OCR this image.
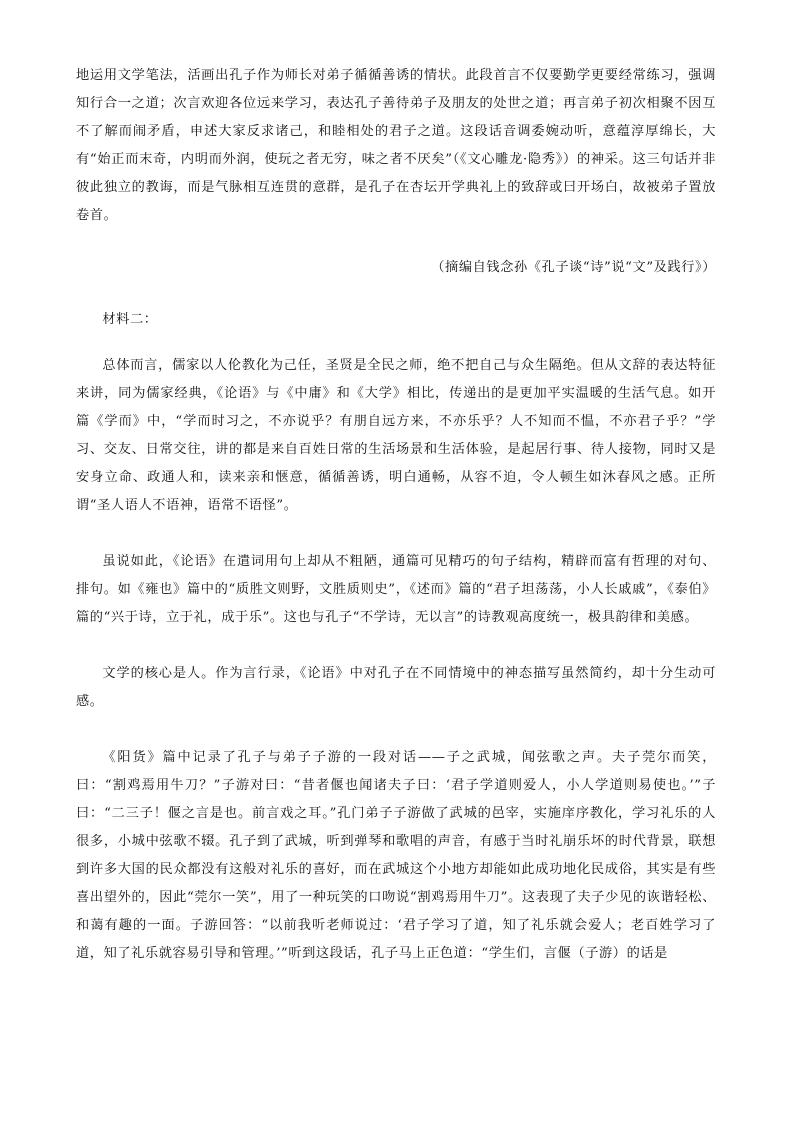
地运用文学笔法，活画出孔子作为师长对弟子循循善诱的情状。此段首言不仅要勤学更要经常练习，强调知行合一之道；次言欢迎各位远来学习，表达孔子善待弟子及朋友的处世之道；再言弟子初次相聚不因互不了解而闹矛盾，申述大家反求诸己，和睦相处的君子之道。这段话音调委婉动听，意蕴淳厚绵长，大有“始正而末奇，内明而外润，使玩之者无穷，味之者不厌矣”（《文心雕龙·隐秀》）的神采。这三句话并非彼此独立的教诲，而是气脉相互连贯的意群，是孔子在杏坛开学典礼上的致辞或曰开场白，故被弟子置放卷首。

（摘编自钱念孙《孔子谈“诗”说“文”及践行》）

材料二：

总体而言，儒家以人伦教化为己任，圣贤是全民之师，绝不把自己与众生隔绝。但从文辞的表达特征来讲，同为儒家经典，《论语》与《中庸》和《大学》相比，传递出的是更加平实温暖的生活气息。如开篇《学而》中，“学而时习之，不亦说乎？有朋自远方来，不亦乐乎？人不知而不愠，不亦君子乎？”学习、交友、日常交往，讲的都是来自百姓日常的生活场景和生活体验，是起居行事、待人接物，同时又是安身立命、政通人和，读来亲和惬意，循循善诱，明白通畅，从容不迫，令人顿生如沐春风之感。正所谓“圣人语人不语神，语常不语怪”。

虽说如此，《论语》在遣词用句上却从不粗陋，通篇可见精巧的句子结构，精辟而富有哲理的对句、排句。如《雍也》篇中的“质胜文则野，文胜质则史”，《述而》篇的“君子坦荡荡，小人长戚戚”，《泰伯》篇的“兴于诗，立于礼，成于乐”。这也与孔子“不学诗，无以言”的诗教观高度统一，极具韵律和美感。

文学的核心是人。作为言行录，《论语》中对孔子在不同情境中的神态描写虽然简约，却十分生动可感。

《阳货》篇中记录了孔子与弟子子游的一段对话——子之武城，闻弦歌之声。夫子莞尔而笑，曰：“割鸡焉用牛刀？”子游对曰：“昔者偃也闻诸夫子曰：‘君子学道则爱人，小人学道则易使也。’”子曰：“二三子！偃之言是也。前言戏之耳。”孔门弟子子游做了武城的邑宰，实施庠序教化，学习礼乐的人很多，小城中弦歌不辍。孔子到了武城，听到弹琴和歌唱的声音，有感于当时礼崩乐坏的时代背景，联想到许多大国的民众都没有这般对礼乐的喜好，而在武城这个小地方却能如此成功地化民成俗，其实是有些喜出望外的，因此“莞尔一笑”，用了一种玩笑的口吻说“割鸡焉用牛刀”。这表现了夫子少见的诙谐轻松、和蔼有趣的一面。子游回答：“以前我听老师说过：‘君子学习了道，知了礼乐就会爱人；老百姓学习了道，知了礼乐就容易引导和管理。’”听到这段话，孔子马上正色道：“学生们，言偃（子游）的话是
